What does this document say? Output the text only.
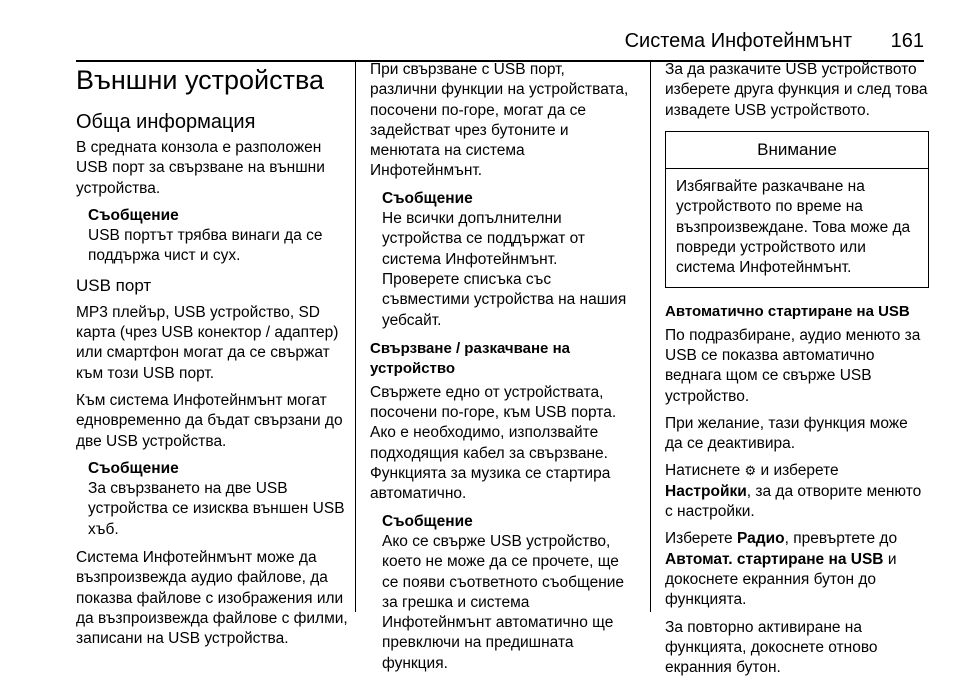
Система Инфотейнмънт 161
Външни устройства
Обща информация

В средната конзола е разположен USB порт за свързване на външни устройства.

Съобщение
USB портът трябва винаги да се поддържа чист и сух.
USB порт

MP3 плейър, USB устройство, SD карта (чрез USB конектор / адаптер) или смартфон могат да се свържат към този USB порт.

Към система Инфотейнмънт могат едновременно да бъдат свързани до две USB устройства.

Съобщение
За свързването на две USB устройства се изисква външен USB хъб.

Система Инфотейнмънт може да възпроизвежда аудио файлове, да показва файлове с изображения или да възпроизвежда файлове с филми, записани на USB устройства.

При свързване с USB порт, различни функции на устройствата, посочени по-горе, могат да се задействат чрез бутоните и менютата на система Инфотейнмънт.

Съобщение
Не всички допълнителни устройства се поддържат от система Инфотейнмънт. Проверете списъка със съвместими устройства на нашия уебсайт.
Свързване / разкачване на устройство

Свържете едно от устройствата, посочени по-горе, към USB порта. Ако е необходимо, използвайте подходящия кабел за свързване. Функцията за музика се стартира автоматично.

Съобщение
Ако се свърже USB устройство, което не може да се прочете, ще се появи съответното съобщение за грешка и система Инфотейнмънт автоматично ще превключи на предишната функция.

За да разкачите USB устройството изберете друга функция и след това извадете USB устройството.

Внимание
Избягвайте разкачване на устройството по време на възпроизвеждане. Това може да повреди устройството или система Инфотейнмънт.
Автоматично стартиране на USB

По подразбиране, аудио менюто за USB се показва автоматично веднага щом се свърже USB устройство.

При желание, тази функция може да се деактивира.

Натиснете ⚙ и изберете Настройки, за да отворите менюто с настройки.

Изберете Радио, превъртете до Автомат. стартиране на USB и докоснете екранния бутон до функцията.

За повторно активиране на функцията, докоснете отново екранния бутон.
